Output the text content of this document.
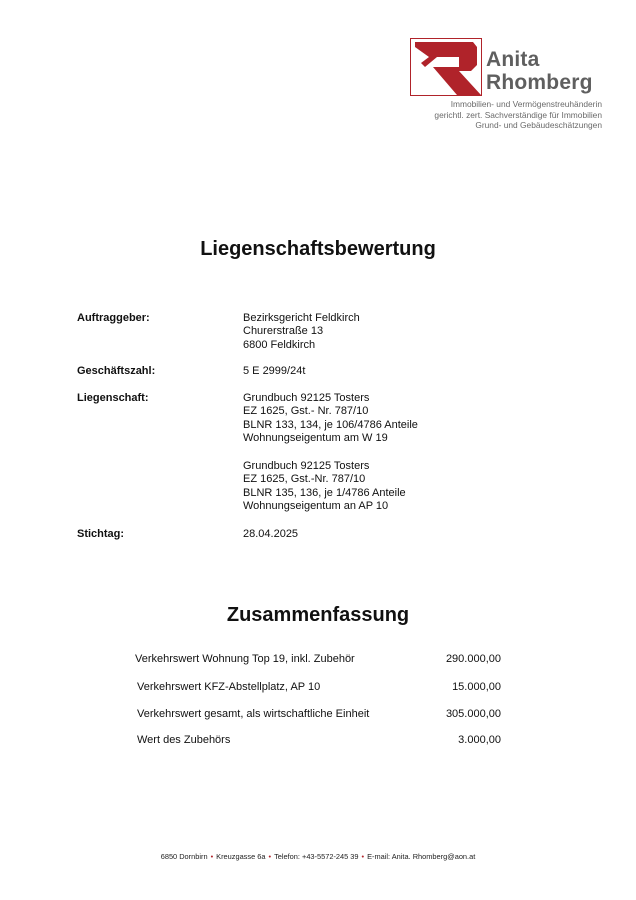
Anita
Rhomberg
Immobilien- und Vermögenstreuhänderin
gerichtl. zert. Sachverständige für Immobilien
Grund- und Gebäudeschätzungen
Liegenschaftsbewertung
Auftraggeber:	Bezirksgericht Feldkirch
Churerstraße 13
6800 Feldkirch
Geschäftszahl:	5 E 2999/24t
Liegenschaft:	Grundbuch 92125 Tosters
EZ 1625, Gst.- Nr. 787/10
BLNR 133, 134, je 106/4786 Anteile
Wohnungseigentum am W 19
Grundbuch 92125 Tosters
EZ 1625, Gst.-Nr. 787/10
BLNR 135, 136, je 1/4786 Anteile
Wohnungseigentum an AP 10
Stichtag:	28.04.2025
Zusammenfassung
Verkehrswert Wohnung Top 19, inkl. Zubehör	290.000,00
Verkehrswert KFZ-Abstellplatz, AP 10	15.000,00
Verkehrswert gesamt, als wirtschaftliche Einheit	305.000,00
Wert des Zubehörs	3.000,00
6850 Dornbirn • Kreuzgasse 6a • Telefon: +43-5572-245 39 • E-mail: Anita. Rhomberg@aon.at
